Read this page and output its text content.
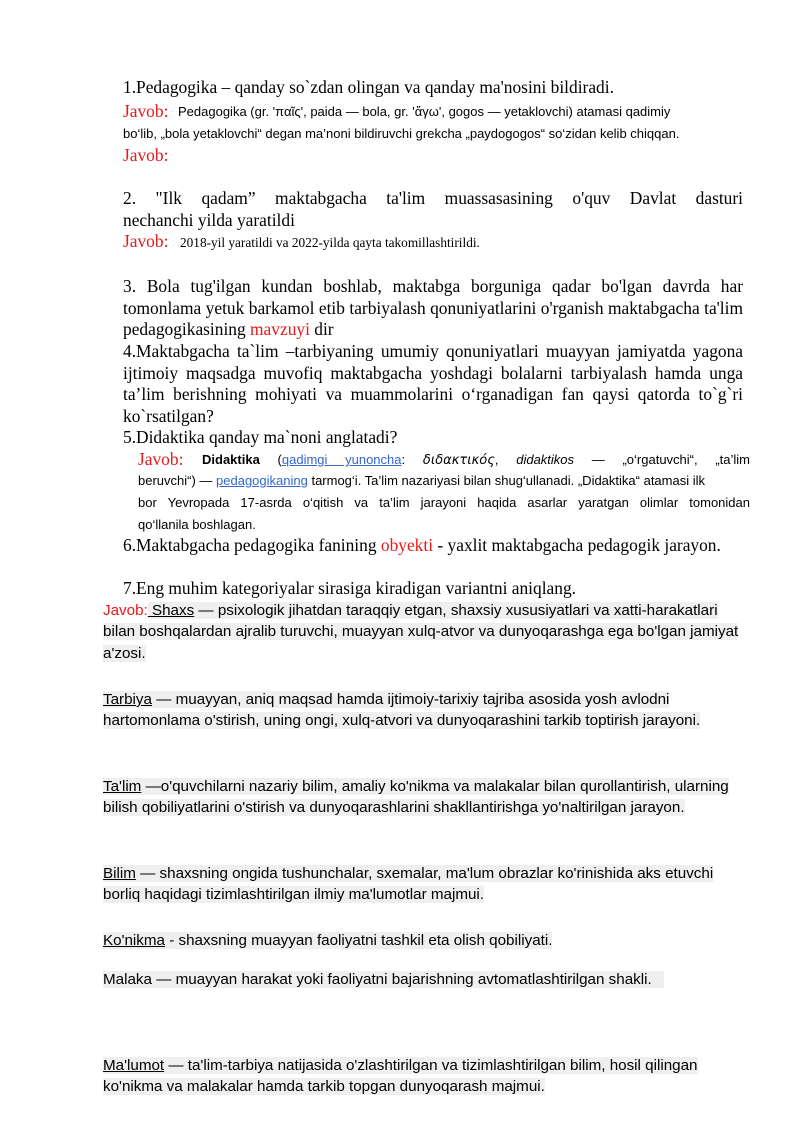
1.Pedagogika – qanday so`zdan olingan va qanday ma'nosini bildiradi.
Javob: Pedagogika (gr. 'παῖς', paida — bola, gr. 'ἄγω', gogos — yetaklovchi) atamasi qadimiy
bo‘lib, „bola yetaklovchi“ degan ma’noni bildiruvchi grekcha „paydogogos“ so‘zidan kelib chiqqan.
Javob:
2. "Ilk qadam” maktabgacha ta'lim muassasasining o'quv Davlat dasturi
nechanchi yilda yaratildi
Javob: 2018-yil yaratildi va 2022-yilda qayta takomillashtirildi.
3. Bola tug'ilgan kundan boshlab, maktabga borguniga qadar bo'lgan davrda har tomonlama yetuk barkamol etib tarbiyalash qonuniyatlarini o'rganish maktabgacha ta'lim pedagogikasining mavzuyi dir
4.Maktabgacha ta`lim –tarbiyaning umumiy qonuniyatlari muayyan jamiyatda yagona ijtimoiy maqsadga muvofiq maktabgacha yoshdagi bolalarni tarbiyalash hamda unga ta’lim berishning mohiyati va muammolarini o‘rganadigan fan qaysi qatorda to`g`ri ko`rsatilgan?
5.Didaktika qanday ma`noni anglatadi?
Javob: Didaktika (qadimgi yunoncha: διδακτικός, didaktikos — „o‘rgatuvchi“, „ta’lim
beruvchi“) — pedagogikaning tarmog‘i. Ta’lim nazariyasi bilan shug‘ullanadi. „Didaktika“ atamasi ilk
bor Yevropada 17-asrda o‘qitish va ta’lim jarayoni haqida asarlar yaratgan olimlar tomonidan
qo‘llanila boshlagan.
6.Maktabgacha pedagogika fanining obyekti - yaxlit maktabgacha pedagogik jarayon.
7.Eng muhim kategoriyalar sirasiga kiradigan variantni aniqlang.
Javob: Shaxs — psixologik jihatdan taraqqiy etgan, shaxsiy xususiyatlari va xatti-harakatlari bilan boshqalardan ajralib turuvchi, muayyan xulq-atvor va dunyoqarashga ega bo'lgan jamiyat a'zosi.
Tarbiya — muayyan, aniq maqsad hamda ijtimoiy-tarixiy tajriba asosida yosh avlodni hartomonlama o'stirish, uning ongi, xulq-atvori va dunyoqarashini tarkib toptirish jarayoni.
Ta'lim —o'quvchilarni nazariy bilim, amaliy ko'nikma va malakalar bilan qurollantirish, ularning bilish qobiliyatlarini o'stirish va dunyoqarashlarini shakllantirishga yo'naltirilgan jarayon.
Bilim — shaxsning ongida tushunchalar, sxemalar, ma'lum obrazlar ko'rinishida aks etuvchi borliq haqidagi tizimlashtirilgan ilmiy ma'lumotlar majmui.
Ko'nikma - shaxsning muayyan faoliyatni tashkil eta olish qobiliyati.
Malaka — muayyan harakat yoki faoliyatni bajarishning avtomatlashtirilgan shakli.
Ma'lumot — ta'lim-tarbiya natijasida o'zlashtirilgan va tizimlashtirilgan bilim, hosil qilingan ko'nikma va malakalar hamda tarkib topgan dunyoqarash majmui.
